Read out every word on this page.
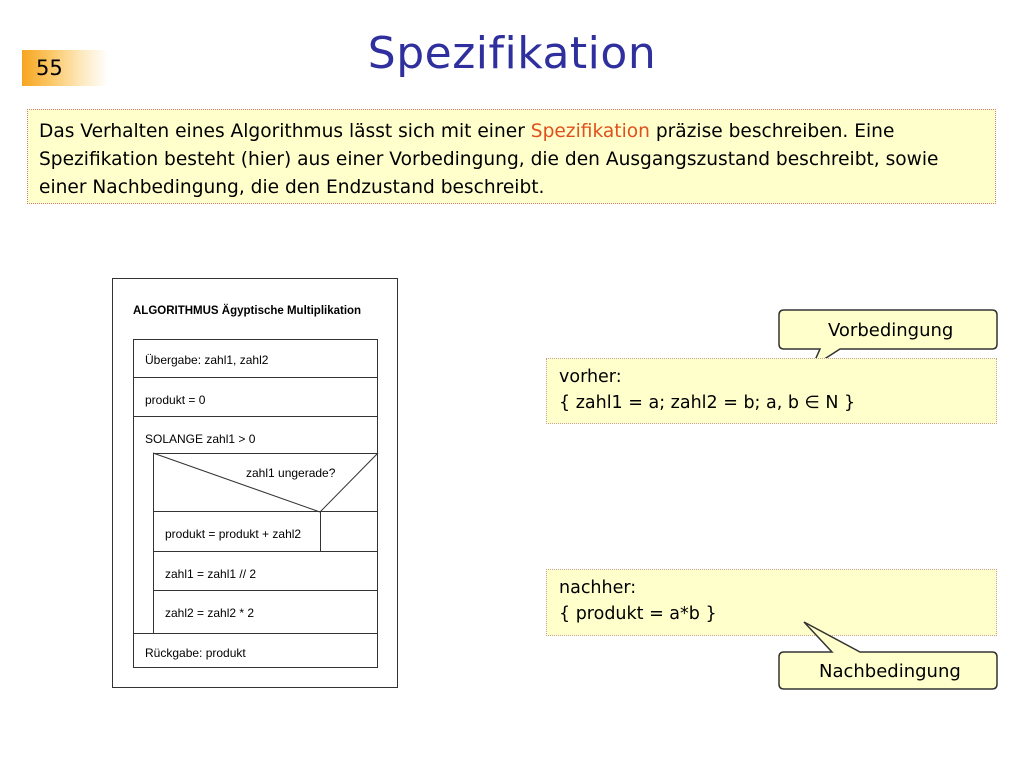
55	Spezifikation
Das Verhalten eines Algorithmus lässt sich mit einer Spezifikation präzise beschreiben. Eine Spezifikation besteht (hier) aus einer Vorbedingung, die den Ausgangszustand beschreibt, sowie einer Nachbedingung, die den Endzustand beschreibt.
ALGORITHMUS Ägyptische Multiplikation
Übergabe: zahl1, zahl2
produkt = 0
SOLANGE zahl1 > 0
zahl1 ungerade?
produkt = produkt + zahl2
zahl1 = zahl1 // 2
zahl2 = zahl2 * 2
Rückgabe: produkt
Vorbedingung
vorher:
{ zahl1 = a; zahl2 = b; a, b ∈ N }
nachher:
{ produkt = a*b }
Nachbedingung
